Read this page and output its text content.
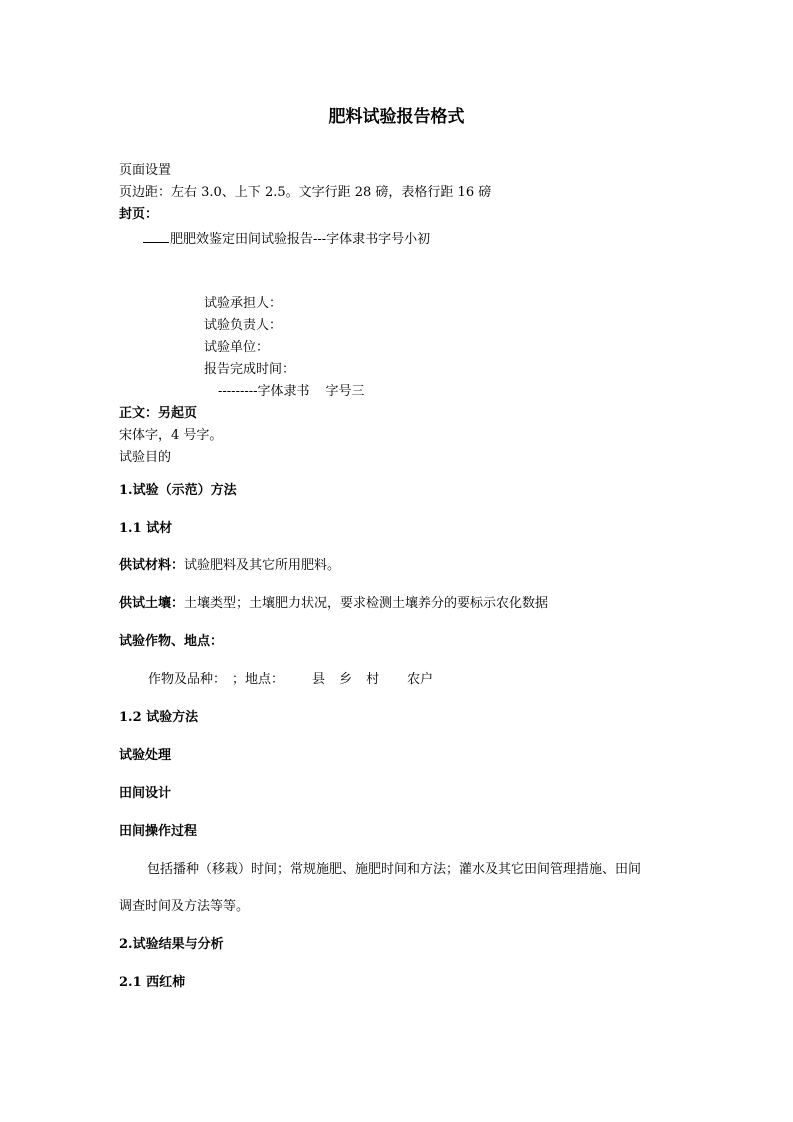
肥料试验报告格式
页面设置
页边距：左右 3.0、上下 2.5。文字行距 28 磅，表格行距 16 磅
封页：
肥肥效鉴定田间试验报告---字体隶书字号小初
试验承担人：
试验负责人：
试验单位：
报告完成时间：
---------字体隶书 字号三
正文：另起页
宋体字，4 号字。
试验目的
1.试验（示范）方法
1.1 试材
供试材料：试验肥料及其它所用肥料。
供试土壤：土壤类型；土壤肥力状况，要求检测土壤养分的要标示农化数据
试验作物、地点：
作物及品种： ；地点： 县 乡 村 农户
1.2 试验方法
试验处理
田间设计
田间操作过程
包括播种（移栽）时间；常规施肥、施肥时间和方法；灌水及其它田间管理措施、田间
调查时间及方法等等。
2.试验结果与分析
2.1 西红柿
